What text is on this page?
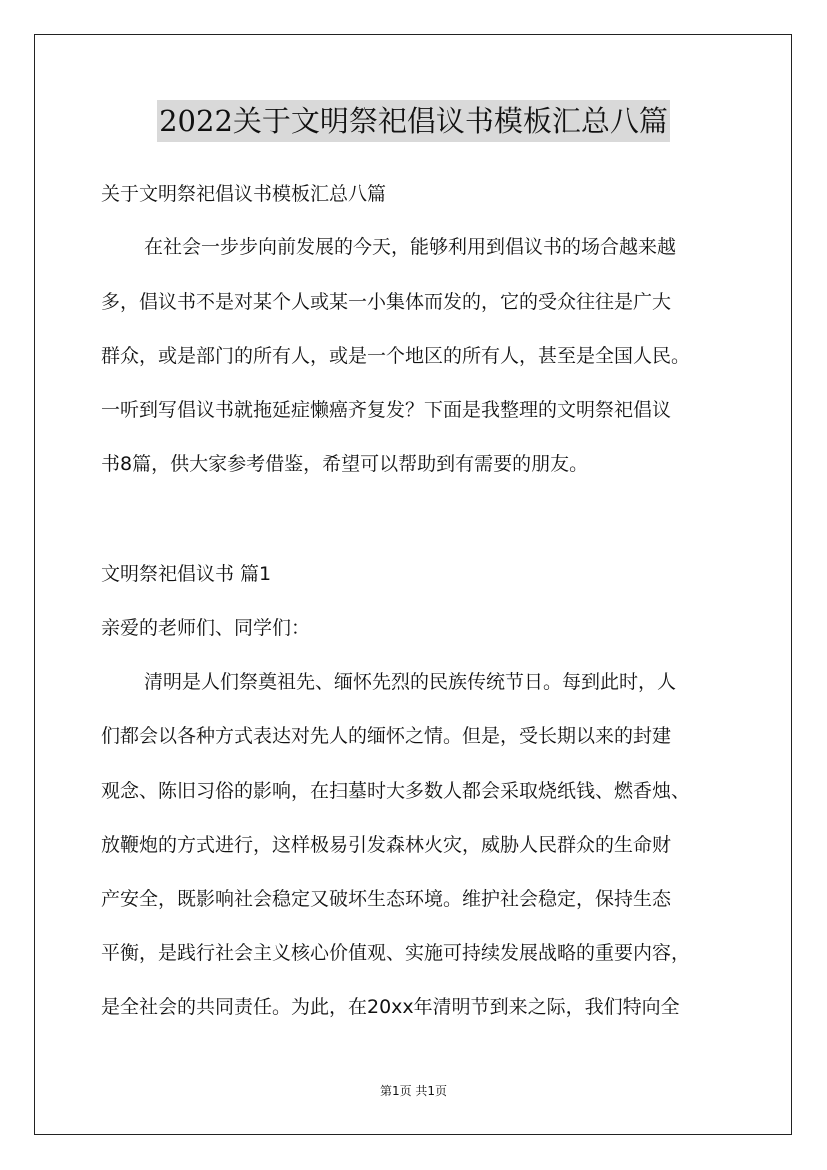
2022关于文明祭祀倡议书模板汇总八篇
关于文明祭祀倡议书模板汇总八篇
在社会一步步向前发展的今天，能够利用到倡议书的场合越来越
多，倡议书不是对某个人或某一小集体而发的，它的受众往往是广大
群众，或是部门的所有人，或是一个地区的所有人，甚至是全国人民。
一听到写倡议书就拖延症懒癌齐复发？下面是我整理的文明祭祀倡议
书8篇，供大家参考借鉴，希望可以帮助到有需要的朋友。
文明祭祀倡议书 篇1
亲爱的老师们、同学们：
清明是人们祭奠祖先、缅怀先烈的民族传统节日。每到此时，人
们都会以各种方式表达对先人的缅怀之情。但是，受长期以来的封建
观念、陈旧习俗的影响，在扫墓时大多数人都会采取烧纸钱、燃香烛、
放鞭炮的方式进行，这样极易引发森林火灾，威胁人民群众的生命财
产安全，既影响社会稳定又破坏生态环境。维护社会稳定，保持生态
平衡，是践行社会主义核心价值观、实施可持续发展战略的重要内容，
是全社会的共同责任。为此，在20xx年清明节到来之际，我们特向全
第1页 共1页
